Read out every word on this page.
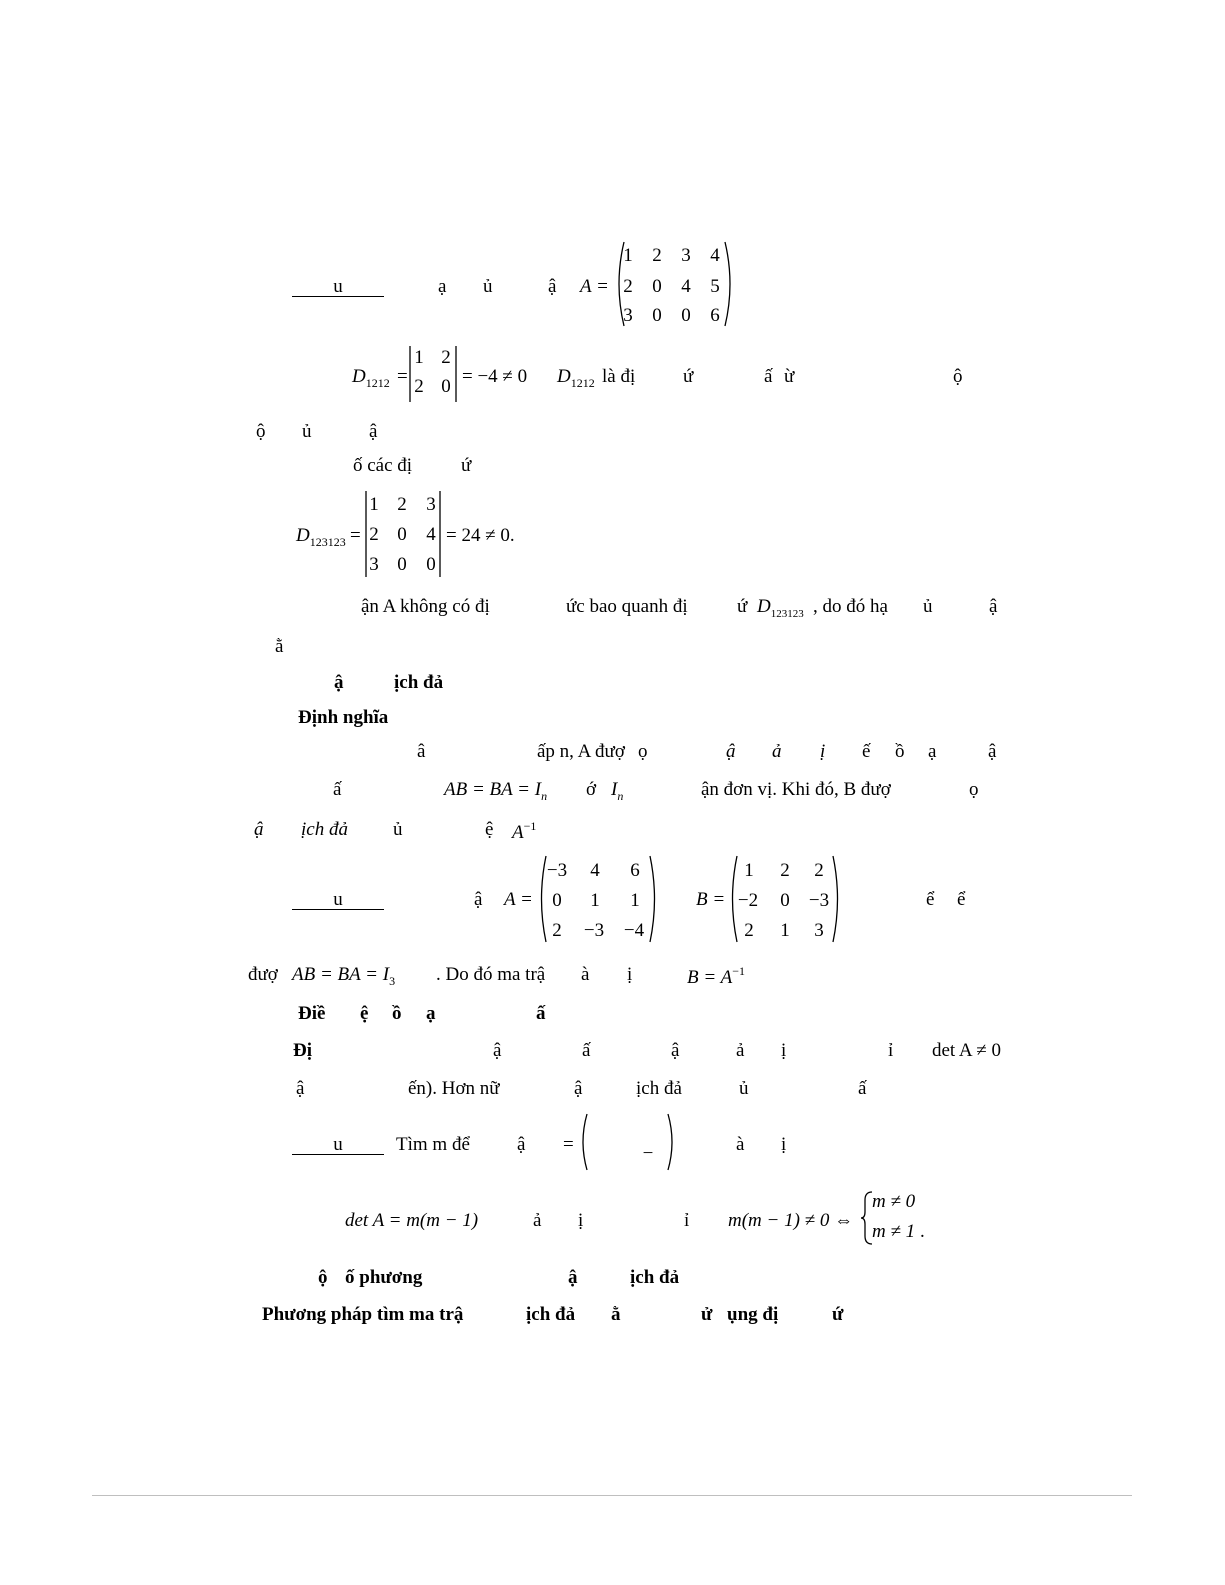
u	ạ ủ	ậ A =
1	2	3	4
2	0	4	5
3	0	0	6
$D_{1212}$ =
1 2
2 0 = −4 ≠ 0 $D_{1212}$ là đị	ứ	ấ ừ	ộ
ộ ủ	ậ
ố các đị	ứ
$D_{123123}$ =
1 2	3
2 0	4
3 0	0
= 24 ≠ 0.
ận A không có đị	ức bao quanh đị	ứ $D_{123123}$ , do đó hạ ủ	ậ
ằ
ậ	ịch đả
Định nghĩa
â	ấp n, A đượ ọ	ậ ả ị ế ồ ạ	ậ
ấ	AB = BA = $I_n$ ớ $I_n$	ận đơn vị. Khi đó, B đượ	ọ
ậ ịch đả ủ	ệ $A^{-1}$
u	ậ A =
−3	4	6
0	1	1
2	−3	−4
B =
1	2	2
−2	0	−3
2	1	3
ể ể
đượ AB = BA = $I_3$ . Do đó ma trậ à ị	$B = A^{-1}$
Điề ệ ồ ạ	ấ
Đị	ậ	ấ	ậ	ả ị	ỉ det A ≠ 0
ậ	ến). Hơn nữ	ậ	ịch đả	ủ	ấ
u	Tìm m để ậ =	−	à ị
det A = m(m − 1)	ả ị	ỉ m(m − 1) ≠ 0 ⇔
m ≠ 0
m ≠ 1 .
ộ ố phương	ậ	ịch đả
Phương pháp tìm ma trậ	ịch đả ằ	ử ụng đị	ứ
